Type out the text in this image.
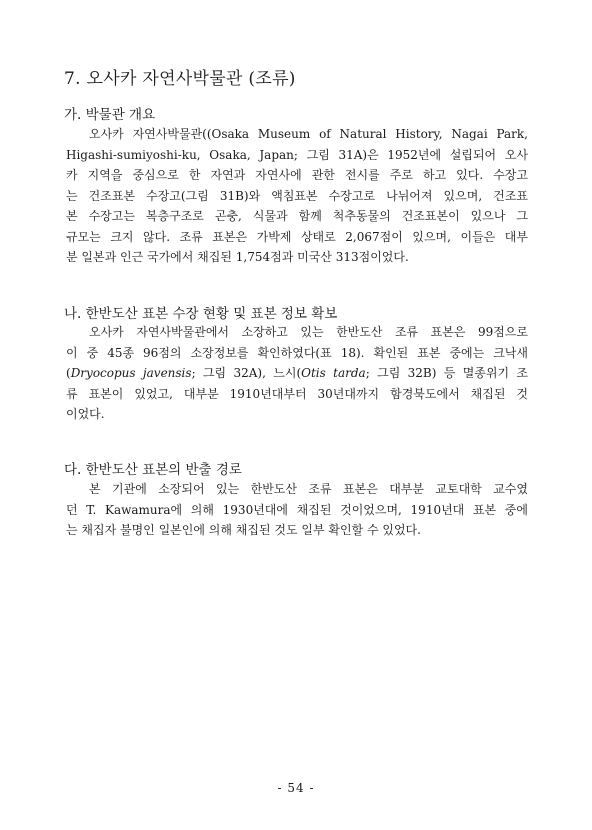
7. 오사카 자연사박물관 (조류)
가. 박물관 개요
오사카 자연사박물관((Osaka Museum of Natural History, Nagai Park,
Higashi-sumiyoshi-ku, Osaka, Japan; 그림 31A)은 1952년에 설립되어 오사
카 지역을 중심으로 한 자연과 자연사에 관한 전시를 주로 하고 있다. 수장고
는 건조표본 수장고(그림 31B)와 액침표본 수장고로 나뉘어져 있으며, 건조표
본 수장고는 복층구조로 곤충, 식물과 함께 척추동물의 건조표본이 있으나 그
규모는 크지 않다. 조류 표본은 가박제 상태로 2,067점이 있으며, 이들은 대부
분 일본과 인근 국가에서 채집된 1,754점과 미국산 313점이었다.
나. 한반도산 표본 수장 현황 및 표본 정보 확보
오사카 자연사박물관에서 소장하고 있는 한반도산 조류 표본은 99점으로
이 중 45종 96점의 소장정보를 확인하였다(표 18). 확인된 표본 중에는 크낙새
(Dryocopus javensis; 그림 32A), 느시(Otis tarda; 그림 32B) 등 멸종위기 조
류 표본이 있었고, 대부분 1910년대부터 30년대까지 함경북도에서 채집된 것
이었다.
다. 한반도산 표본의 반출 경로
본 기관에 소장되어 있는 한반도산 조류 표본은 대부분 교토대학 교수였
던 T. Kawamura에 의해 1930년대에 채집된 것이었으며, 1910년대 표본 중에
는 채집자 불명인 일본인에 의해 채집된 것도 일부 확인할 수 있었다.
- 54 -
